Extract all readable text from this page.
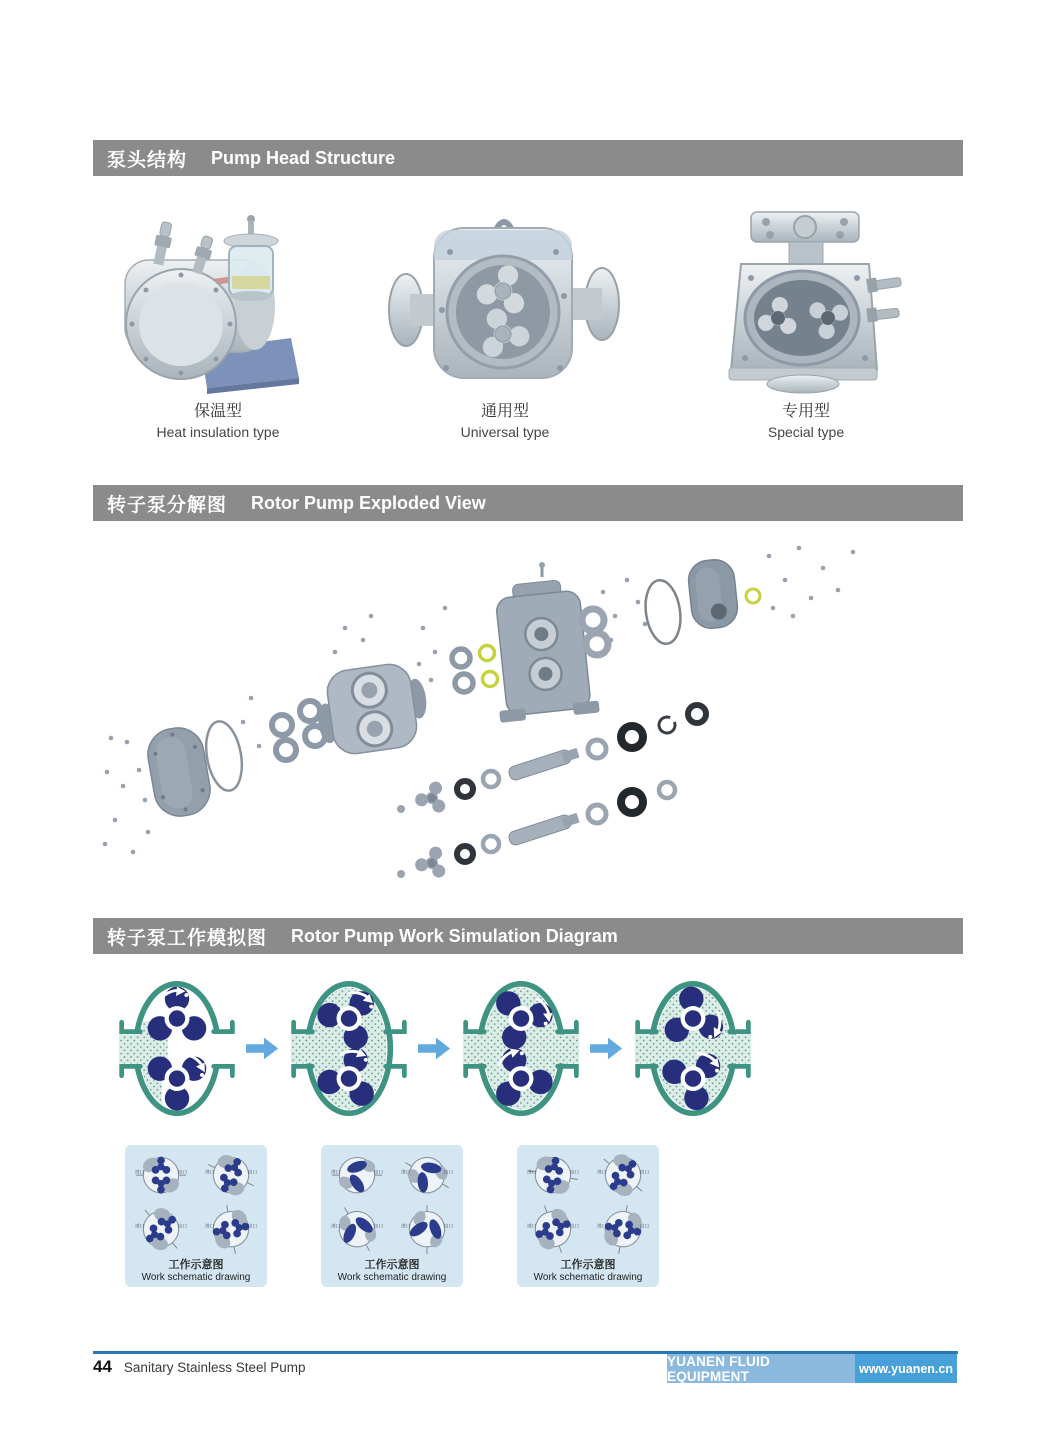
泵头结构 Pump Head Structure
保温型
Heat insulation type
通用型
Universal type
专用型
Special type
转子泵分解图 Rotor Pump Exploded View
转子泵工作模拟图 Rotor Pump Work Simulation Diagram
进口	出口	进口	出口
进口	出口	进口	出口
工作示意图
Work schematic drawing
进口	出口	进口	出口
进口	出口	进口	出口
工作示意图
Work schematic drawing
进口	出口	进口	出口
进口	出口	进口	出口
工作示意图
Work schematic drawing
44 Sanitary Stainless Steel Pump	YUANEN FLUID EQUIPMENT	www.yuanen.cn
